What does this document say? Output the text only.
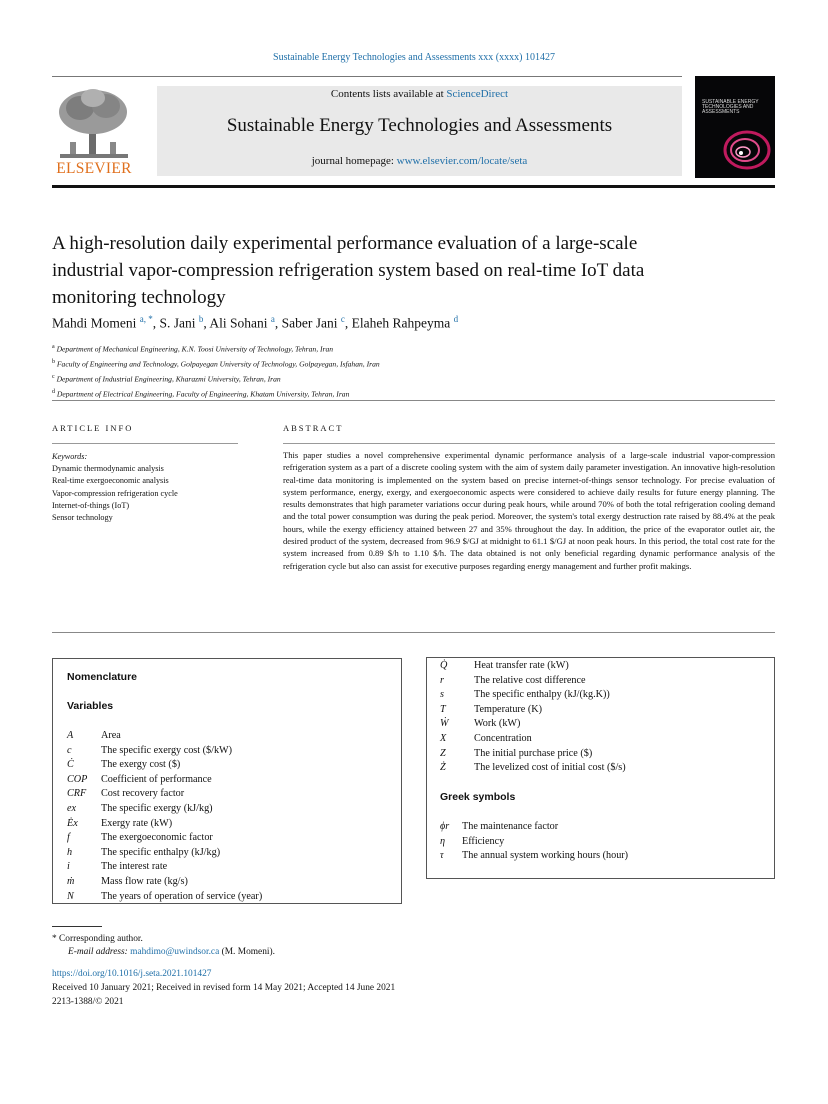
Sustainable Energy Technologies and Assessments xxx (xxxx) 101427
ELSEVIER
Contents lists available at ScienceDirect
Sustainable Energy Technologies and Assessments
journal homepage: www.elsevier.com/locate/seta
SUSTAINABLE ENERGY TECHNOLOGIES AND ASSESSMENTS
A high-resolution daily experimental performance evaluation of a large-scale industrial vapor-compression refrigeration system based on real-time IoT data monitoring technology
Mahdi Momeni $^{a, *}$, S. Jani $^b$, Ali Sohani $^a$, Saber Jani $^c$, Elaheh Rahpeyma $^d$
$^a$ Department of Mechanical Engineering, K.N. Toosi University of Technology, Tehran, Iran
$^b$ Faculty of Engineering and Technology, Golpayegan University of Technology, Golpayegan, Isfahan, Iran
$^c$ Department of Industrial Engineering, Kharazmi University, Tehran, Iran
$^d$ Department of Electrical Engineering, Faculty of Engineering, Khatam University, Tehran, Iran
ARTICLE INFO	ABSTRACT
Keywords:
Dynamic thermodynamic analysis
Real-time exergoeconomic analysis
Vapor-compression refrigeration cycle
Internet-of-things (IoT)
Sensor technology
This paper studies a novel comprehensive experimental dynamic performance analysis of a large-scale industrial vapor-compression refrigeration system as a part of a discrete cooling system with the aim of system daily parameter investigation. An innovative high-resolution real-time data monitoring is implemented on the system based on precise internet-of-things sensor technology. For precise evaluation of system performance, energy, exergy, and exergoeconomic aspects were considered to achieve daily results for future energy planning. The results demonstrates that high parameter variations occur during peak hours, while around 70% of both the total refrigeration cooling demand and the total power consumption was during the peak period. Moreover, the system's total exergy destruction rate raised by 88.4% at the peak hours, while the exergy efficiency attained between 27 and 35% throughout the day. In addition, the price of the evaporator outlet air, the desired product of the system, decreased from 96.9 $/GJ at midnight to 61.1 $/GJ at noon peak hours. In this period, the total cost rate for the system increased from 0.89 $/h to 1.10 $/h. The data obtained is not only beneficial regarding dynamic performance analysis of the refrigeration cycle but also can assist for executive purposes regarding energy management and further profit makings.
Nomenclature
Variables
A	Area
c	The specific exergy cost ($/kW)
Ċ	The exergy cost ($)
COP	Coefficient of performance
CRF	Cost recovery factor
ex	The specific exergy (kJ/kg)
Ėx	Exergy rate (kW)
f	The exergoeconomic factor
h	The specific enthalpy (kJ/kg)
i	The interest rate
ṁ	Mass flow rate (kg/s)
N	The years of operation of service (year)
Q̇	Heat transfer rate (kW)
r	The relative cost difference
s	The specific enthalpy (kJ/(kg.K))
T	Temperature (K)
Ẇ	Work (kW)
X	Concentration
Z	The initial purchase price ($)
Ż	The levelized cost of initial cost ($/s)
Greek symbols
ϕr	The maintenance factor
η	Efficiency
τ	The annual system working hours (hour)
* Corresponding author.
E-mail address: mahdimo@uwindsor.ca (M. Momeni).
https://doi.org/10.1016/j.seta.2021.101427
Received 10 January 2021; Received in revised form 14 May 2021; Accepted 14 June 2021
2213-1388/© 2021
